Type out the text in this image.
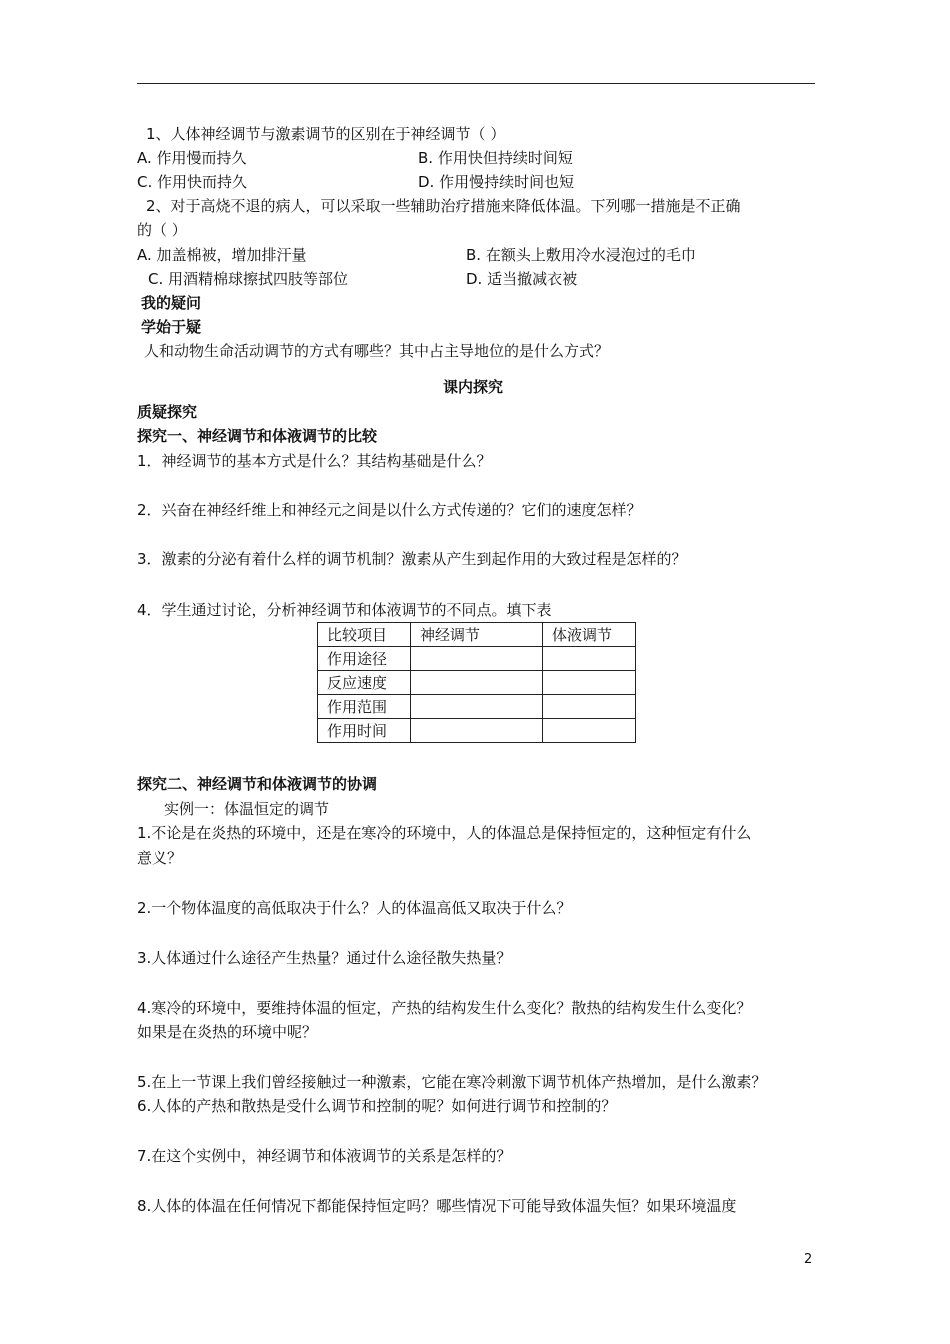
1、人体神经调节与激素调节的区别在于神经调节（ ）
A. 作用慢而持久	B. 作用快但持续时间短
C. 作用快而持久	D. 作用慢持续时间也短
2、对于高烧不退的病人，可以采取一些辅助治疗措施来降低体温。下列哪一措施是不正确
的（ ）
A. 加盖棉被，增加排汗量	B. 在额头上敷用冷水浸泡过的毛巾
C. 用酒精棉球擦拭四肢等部位	D. 适当撤减衣被
我的疑问
学始于疑
人和动物生命活动调节的方式有哪些？其中占主导地位的是什么方式？
课内探究
质疑探究
探究一、神经调节和体液调节的比较
1．神经调节的基本方式是什么？其结构基础是什么？
2．兴奋在神经纤维上和神经元之间是以什么方式传递的？它们的速度怎样？
3．激素的分泌有着什么样的调节机制？激素从产生到起作用的大致过程是怎样的？
4．学生通过讨论，分析神经调节和体液调节的不同点。填下表
比较项目	神经调节	体液调节
作用途径		
反应速度		
作用范围		
作用时间		
探究二、神经调节和体液调节的协调
实例一：体温恒定的调节
1.不论是在炎热的环境中，还是在寒冷的环境中，人的体温总是保持恒定的，这种恒定有什么
意义？
2.一个物体温度的高低取决于什么？人的体温高低又取决于什么？
3.人体通过什么途径产生热量？通过什么途径散失热量？
4.寒冷的环境中，要维持体温的恒定，产热的结构发生什么变化？散热的结构发生什么变化？
如果是在炎热的环境中呢？
5.在上一节课上我们曾经接触过一种激素，它能在寒冷刺激下调节机体产热增加，是什么激素？
6.人体的产热和散热是受什么调节和控制的呢？如何进行调节和控制的？
7.在这个实例中，神经调节和体液调节的关系是怎样的？
8.人体的体温在任何情况下都能保持恒定吗？哪些情况下可能导致体温失恒？如果环境温度
2
